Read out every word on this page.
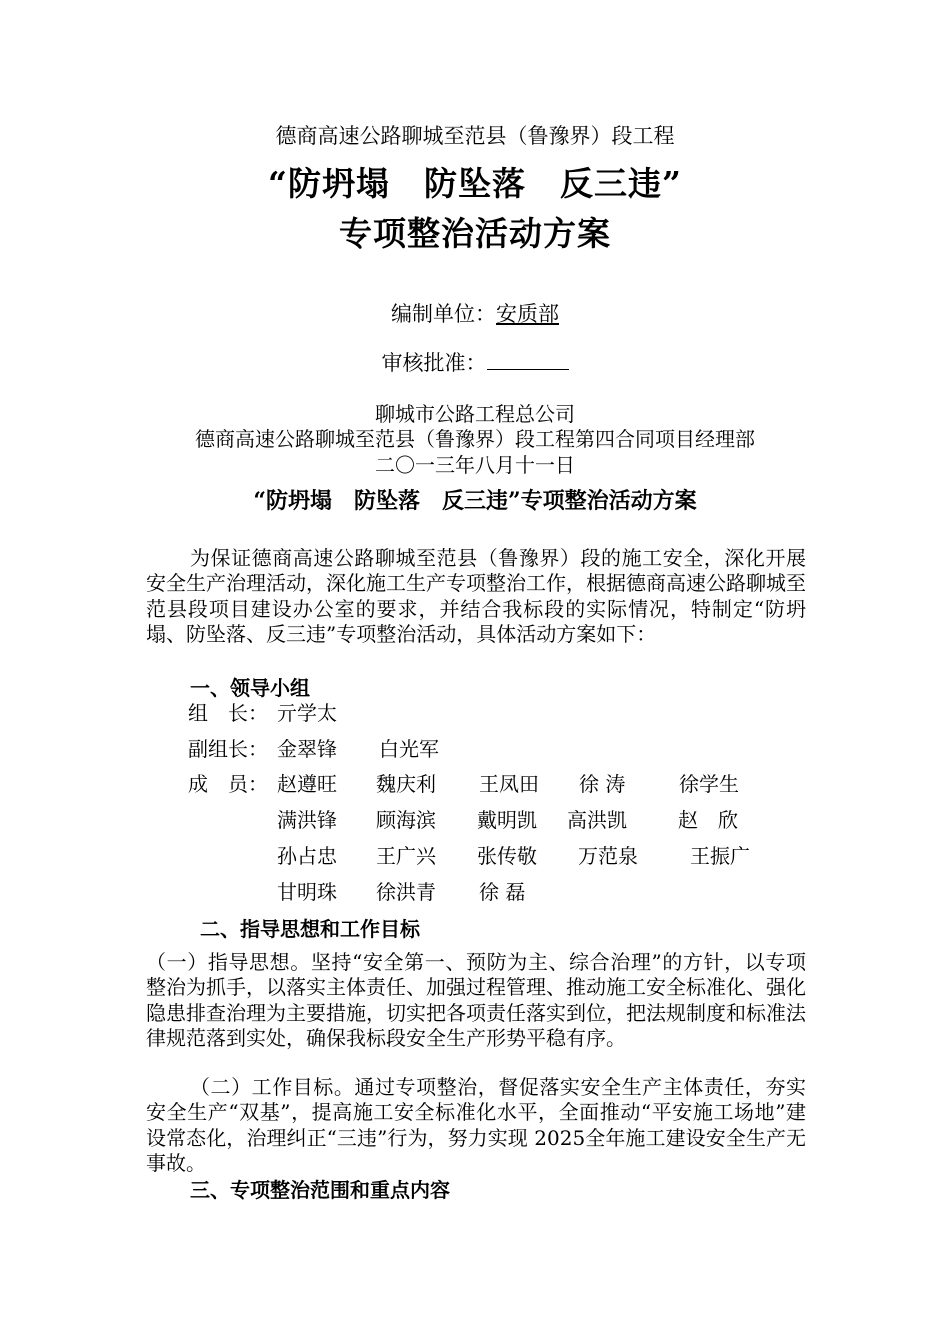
德商高速公路聊城至范县（鲁豫界）段工程
“防坍塌　防坠落　反三违”
专项整治活动方案
编制单位：安质部
审核批准：
聊城市公路工程总公司
德商高速公路聊城至范县（鲁豫界）段工程第四合同项目经理部
二〇一三年八月十一日
“防坍塌　防坠落　反三违”专项整治活动方案
为保证德商高速公路聊城至范县（鲁豫界）段的施工安全，深化开展安全生产治理活动，深化施工生产专项整治工作，根据德商高速公路聊城至范县段项目建设办公室的要求，并结合我标段的实际情况，特制定“防坍塌、防坠落、反三违”专项整治活动，具体活动方案如下：
一、领导小组
组　长： 亓学太
副组长： 金翠锋 白光军
成　员： 赵遵旺 魏庆利 王凤田 徐 涛	徐学生
满洪锋 顾海滨 戴明凯 高洪凯	赵　欣
孙占忠 王广兴 张传敬 万范泉	王振广
甘明珠 徐洪青 徐 磊
二、指导思想和工作目标
（一）指导思想。坚持“安全第一、预防为主、综合治理”的方针，以专项整治为抓手，以落实主体责任、加强过程管理、推动施工安全标准化、强化隐患排查治理为主要措施，切实把各项责任落实到位，把法规制度和标准法律规范落到实处，确保我标段安全生产形势平稳有序。
（二）工作目标。通过专项整治，督促落实安全生产主体责任，夯实安全生产“双基”，提高施工安全标准化水平，全面推动“平安施工场地”建设常态化，治理纠正“三违”行为，努力实现 2025全年施工建设安全生产无事故。
三、专项整治范围和重点内容
